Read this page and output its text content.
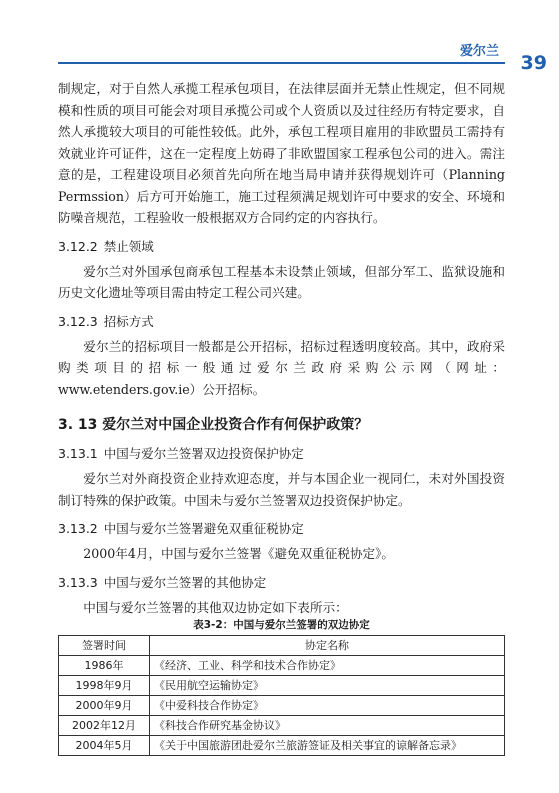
爱尔兰
39

制规定，对于自然人承揽工程承包项目，在法律层面并无禁止性规定，但不同规模和性质的项目可能会对项目承揽公司或个人资质以及过往经历有特定要求，自然人承揽较大项目的可能性较低。此外，承包工程项目雇用的非欧盟员工需持有效就业许可证件，这在一定程度上妨碍了非欧盟国家工程承包公司的进入。需注意的是，工程建设项目必须首先向所在地当局申请并获得规划许可（Planning Permssion）后方可开始施工，施工过程须满足规划许可中要求的安全、环境和防噪音规范，工程验收一般根据双方合同约定的内容执行。

3.12.2 禁止领域

爱尔兰对外国承包商承包工程基本未设禁止领域，但部分军工、监狱设施和历史文化遗址等项目需由特定工程公司兴建。

3.12.3 招标方式

爱尔兰的招标项目一般都是公开招标，招标过程透明度较高。其中，政府采购类项目的招标一般通过爱尔兰政府采购公示网（网址：www.etenders.gov.ie）公开招标。

3. 13 爱尔兰对中国企业投资合作有何保护政策？
3.13.1 中国与爱尔兰签署双边投资保护协定

爱尔兰对外商投资企业持欢迎态度，并与本国企业一视同仁，未对外国投资制订特殊的保护政策。中国未与爱尔兰签署双边投资保护协定。

3.13.2 中国与爱尔兰签署避免双重征税协定

2000年4月，中国与爱尔兰签署《避免双重征税协定》。

3.13.3 中国与爱尔兰签署的其他协定

中国与爱尔兰签署的其他双边协定如下表所示：

表3-2：中国与爱尔兰签署的双边协定
签署时间	协定名称
1986年	《经济、工业、科学和技术合作协定》
1998年9月	《民用航空运输协定》
2000年9月	《中爱科技合作协定》
2002年12月	《科技合作研究基金协议》
2004年5月	《关于中国旅游团赴爱尔兰旅游签证及相关事宜的谅解备忘录》
